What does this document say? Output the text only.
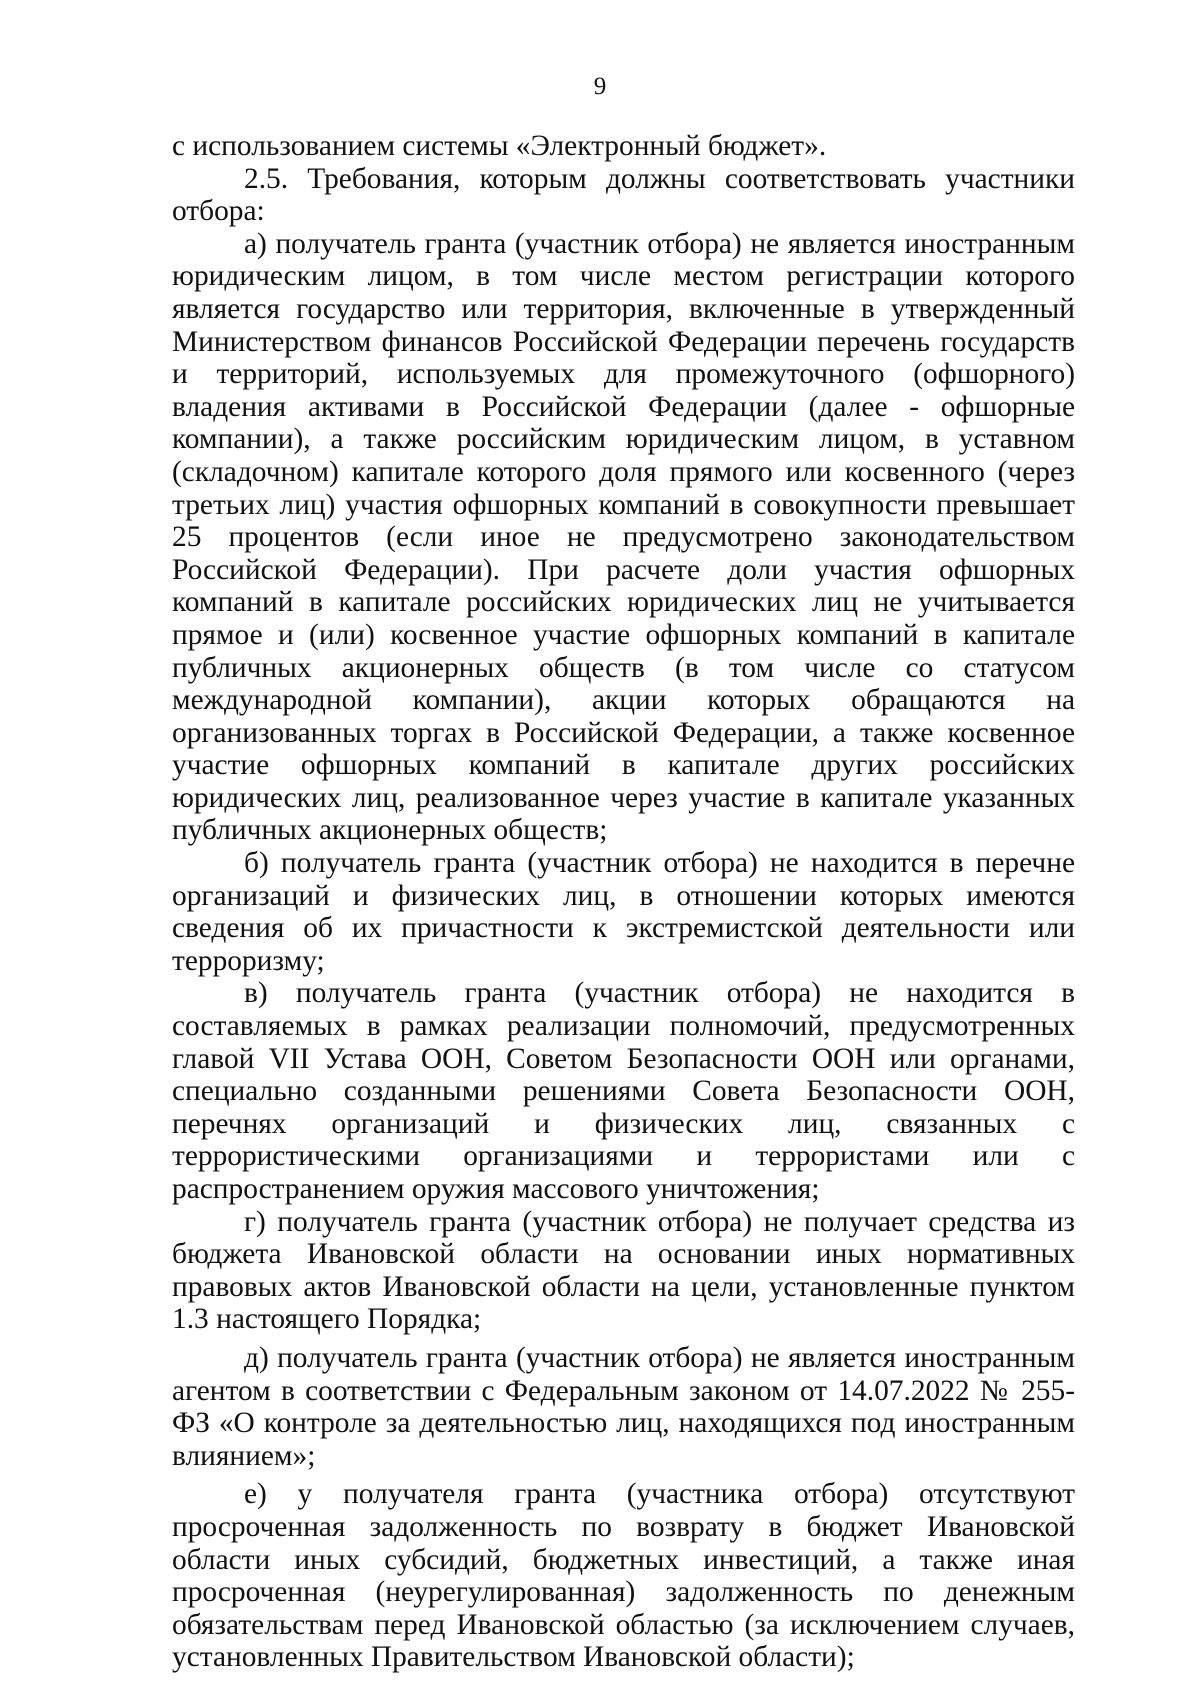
9

с использованием системы «Электронный бюджет».

2.5. Требования, которым должны соответствовать участники отбора:

а) получатель гранта (участник отбора) не является иностранным юридическим лицом, в том числе местом регистрации которого является государство или территория, включенные в утвержденный Министерством финансов Российской Федерации перечень государств и территорий, используемых для промежуточного (офшорного) владения активами в Российской Федерации (далее - офшорные компании), а также российским юридическим лицом, в уставном (складочном) капитале которого доля прямого или косвенного (через третьих лиц) участия офшорных компаний в совокупности превышает 25 процентов (если иное не предусмотрено законодательством Российской Федерации). При расчете доли участия офшорных компаний в капитале российских юридических лиц не учитывается прямое и (или) косвенное участие офшорных компаний в капитале публичных акционерных обществ (в том числе со статусом международной компании), акции которых обращаются на организованных торгах в Российской Федерации, а также косвенное участие офшорных компаний в капитале других российских юридических лиц, реализованное через участие в капитале указанных публичных акционерных обществ;

б) получатель гранта (участник отбора) не находится в перечне организаций и физических лиц, в отношении которых имеются сведения об их причастности к экстремистской деятельности или терроризму;

в) получатель гранта (участник отбора) не находится в составляемых в рамках реализации полномочий, предусмотренных главой VII Устава ООН, Советом Безопасности ООН или органами, специально созданными решениями Совета Безопасности ООН, перечнях организаций и физических лиц, связанных с террористическими организациями и террористами или с распространением оружия массового уничтожения;

г) получатель гранта (участник отбора) не получает средства из бюджета Ивановской области на основании иных нормативных правовых актов Ивановской области на цели, установленные пунктом 1.3 настоящего Порядка;

д) получатель гранта (участник отбора) не является иностранным агентом в соответствии с Федеральным законом от 14.07.2022 № 255-ФЗ «О контроле за деятельностью лиц, находящихся под иностранным влиянием»;

е) у получателя гранта (участника отбора) отсутствуют просроченная задолженность по возврату в бюджет Ивановской области иных субсидий, бюджетных инвестиций, а также иная просроченная (неурегулированная) задолженность по денежным обязательствам перед Ивановской областью (за исключением случаев, установленных Правительством Ивановской области);
